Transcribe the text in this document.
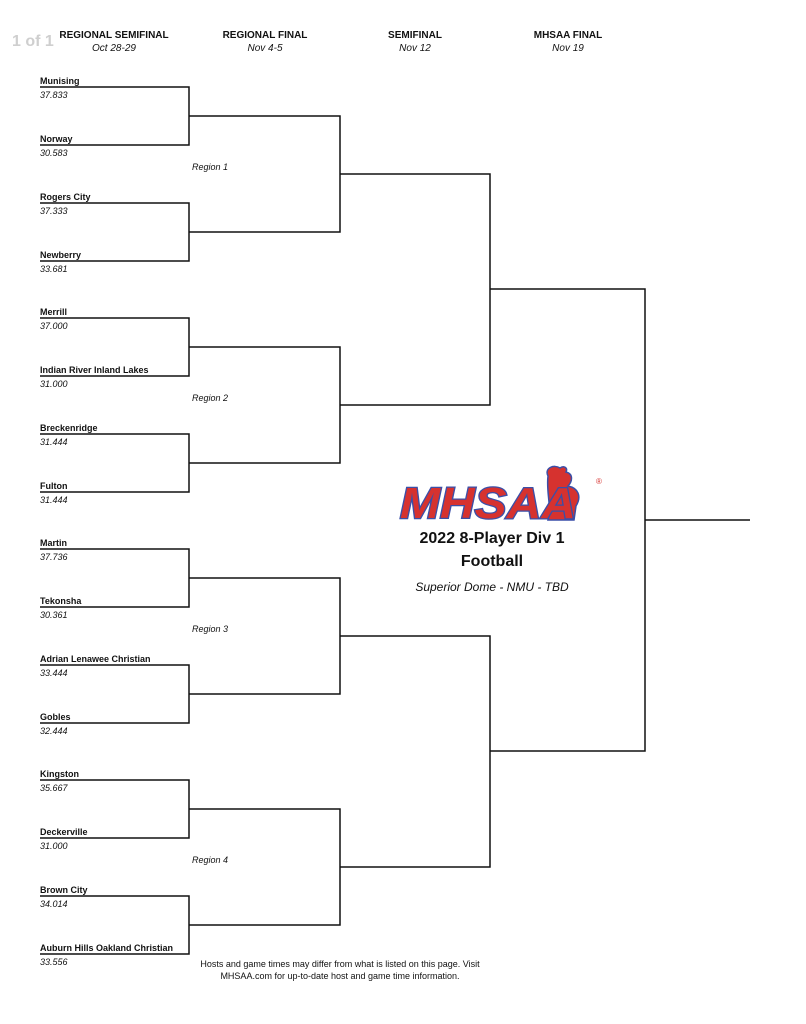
1 of 1 REGIONAL SEMIFINAL
Oct 28-29
REGIONAL FINAL
Nov 4-5
SEMIFINAL
Nov 12
MHSAA FINAL
Nov 19
Munising
37.833
Norway
30.583
Rogers City
37.333
Newberry
33.681
Merrill
37.000
Indian River Inland Lakes
31.000
Breckenridge
31.444
Fulton
31.444
Martin
37.736
Tekonsha
30.361
Adrian Lenawee Christian
33.444
Gobles
32.444
Kingston
35.667
Deckerville
31.000
Brown City
34.014
Auburn Hills Oakland Christian
33.556
Region 1
Region 2
Region 3
Region 4
MHSAA	®
2022 8-Player Div 1
Football
Superior Dome - NMU - TBD
Hosts and game times may differ from what is listed on this page. Visit
MHSAA.com for up-to-date host and game time information.
